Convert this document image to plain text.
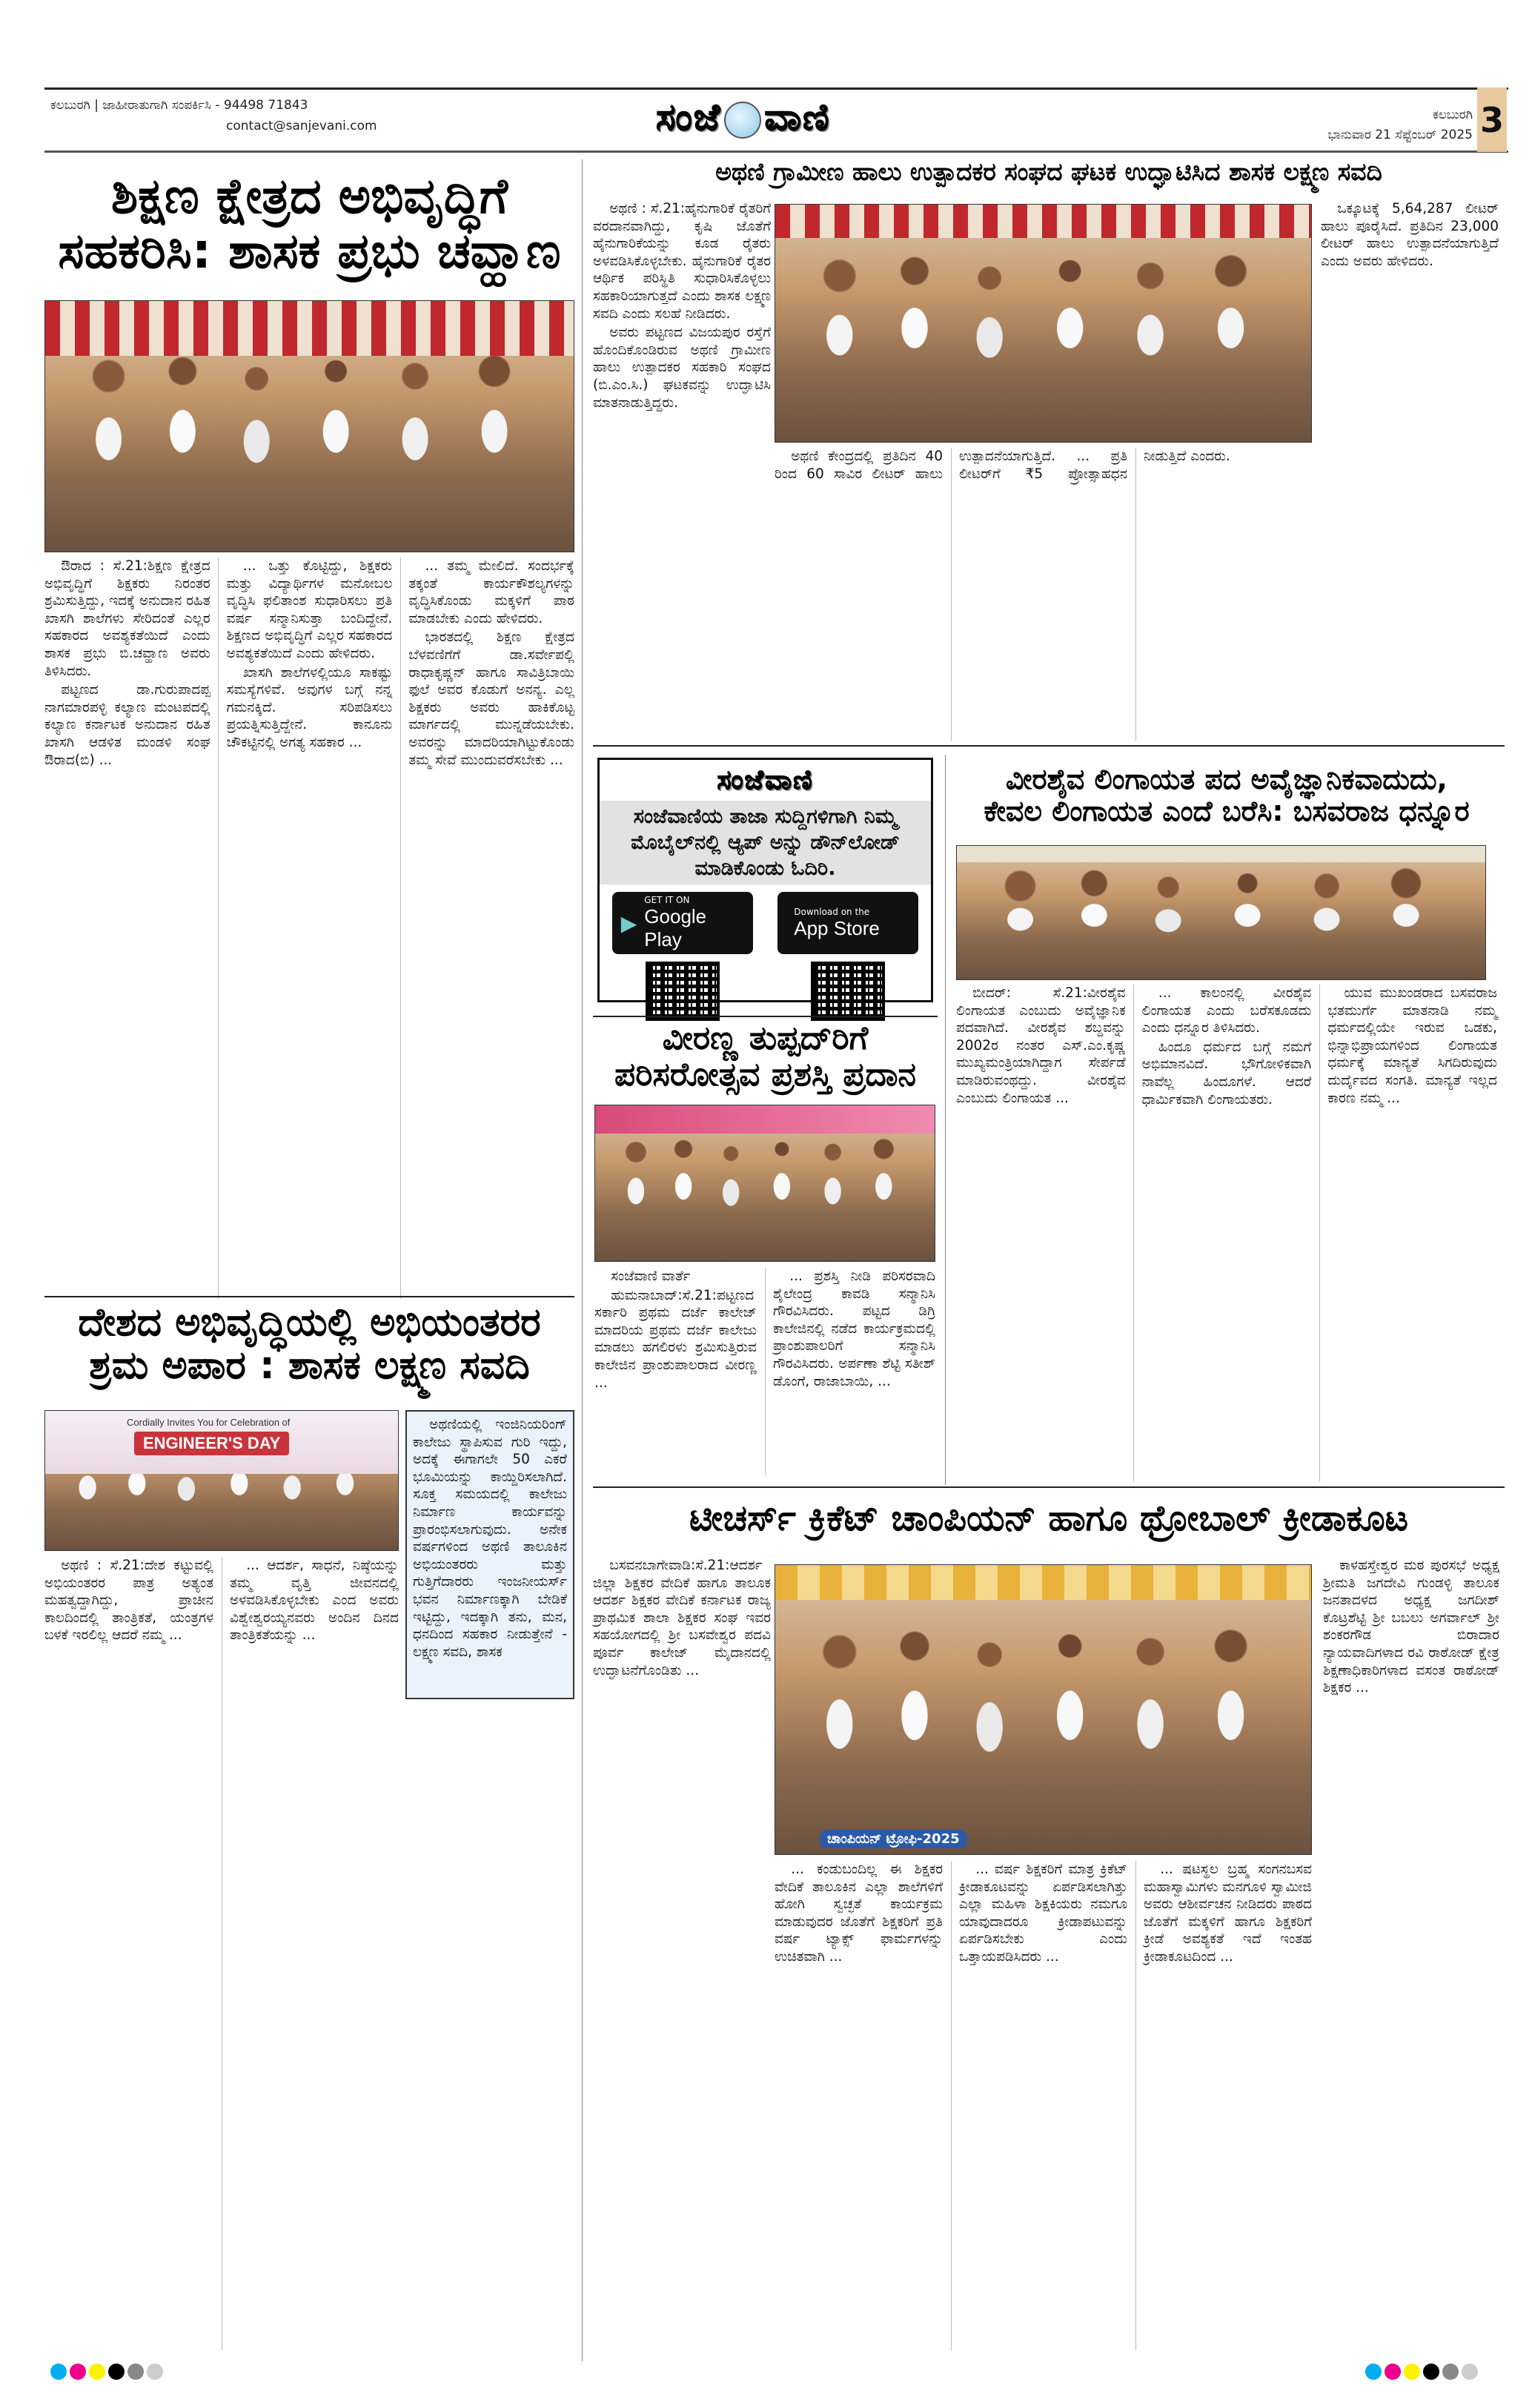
ಕಲಬುರಗಿ | ಜಾಹೀರಾತುಗಾಗಿ ಸಂಪರ್ಕಿಸಿ - 94498 71843
contact@sanjevani.com	ಸಂಜೆ ವಾಣಿ	ಕಲಬುರಗಿ
ಭಾನುವಾರ 21 ಸೆಪ್ಟೆಂಬರ್ 2025 3
ಶಿಕ್ಷಣ ಕ್ಷೇತ್ರದ ಅಭಿವೃದ್ಧಿಗೆ
ಸಹಕರಿಸಿ: ಶಾಸಕ ಪ್ರಭು ಚವ್ಹಾಣ

ಔರಾದ : ಸೆ.21:ಶಿಕ್ಷಣ ಕ್ಷೇತ್ರದ ಅಭಿವೃದ್ಧಿಗೆ ಶಿಕ್ಷಕರು ನಿರಂತರ ಶ್ರಮಿಸುತ್ತಿದ್ದು, ಇದಕ್ಕೆ ಅನುದಾನ ರಹಿತ ಖಾಸಗಿ ಶಾಲೆಗಳು ಸೇರಿದಂತೆ ಎಲ್ಲರ ಸಹಕಾರದ ಅವಶ್ಯಕತೆಯಿದೆ ಎಂದು ಶಾಸಕ ಪ್ರಭು ಬಿ.ಚವ್ಹಾಣ ಅವರು ತಿಳಿಸಿದರು.

ಪಟ್ಟಣದ ಡಾ.ಗುರುಪಾದಪ್ಪ ನಾಗಮಾರಪಳ್ಳಿ ಕಲ್ಯಾಣ ಮಂಟಪದಲ್ಲಿ ಕಲ್ಯಾಣ ಕರ್ನಾಟಕ ಅನುದಾನ ರಹಿತ ಖಾಸಗಿ ಆಡಳಿತ ಮಂಡಳಿ ಸಂಘ ಔರಾದ(ಬಿ) ...

... ಒತ್ತು ಕೊಟ್ಟಿದ್ದು, ಶಿಕ್ಷಕರು ಮತ್ತು ವಿದ್ಯಾರ್ಥಿಗಳ ಮನೋಬಲ ವೃದ್ಧಿಸಿ ಫಲಿತಾಂಶ ಸುಧಾರಿಸಲು ಪ್ರತಿ ವರ್ಷ ಸನ್ಮಾನಿಸುತ್ತಾ ಬಂದಿದ್ದೇನೆ. ಶಿಕ್ಷಣದ ಅಭಿವೃದ್ಧಿಗೆ ಎಲ್ಲರ ಸಹಕಾರದ ಅವಶ್ಯಕತೆಯಿದೆ ಎಂದು ಹೇಳಿದರು.

ಖಾಸಗಿ ಶಾಲೆಗಳಲ್ಲಿಯೂ ಸಾಕಷ್ಟು ಸಮಸ್ಯೆಗಳಿವೆ. ಅವುಗಳ ಬಗ್ಗೆ ನನ್ನ ಗಮನಕ್ಕಿದೆ. ಸರಿಪಡಿಸಲು ಪ್ರಯತ್ನಿಸುತ್ತಿದ್ದೇನೆ. ಕಾನೂನು ಚೌಕಟ್ಟಿನಲ್ಲಿ ಅಗತ್ಯ ಸಹಕಾರ ...

... ತಮ್ಮ ಮೇಲಿದೆ. ಸಂದರ್ಭಕ್ಕೆ ತಕ್ಕಂತೆ ಕಾರ್ಯಕೌಶಲ್ಯಗಳನ್ನು ವೃದ್ಧಿಸಿಕೊಂಡು ಮಕ್ಕಳಿಗೆ ಪಾಠ ಮಾಡಬೇಕು ಎಂದು ಹೇಳಿದರು.

ಭಾರತದಲ್ಲಿ ಶಿಕ್ಷಣ ಕ್ಷೇತ್ರದ ಬೆಳವಣಿಗೆಗೆ ಡಾ.ಸರ್ವೇಪಲ್ಲಿ ರಾಧಾಕೃಷ್ಣನ್ ಹಾಗೂ ಸಾವಿತ್ರಿಬಾಯಿ ಫುಲೆ ಅವರ ಕೊಡುಗೆ ಅನನ್ಯ. ಎಲ್ಲ ಶಿಕ್ಷಕರು ಅವರು ಹಾಕಿಕೊಟ್ಟ ಮಾರ್ಗದಲ್ಲಿ ಮುನ್ನಡೆಯಬೇಕು. ಅವರನ್ನು ಮಾದರಿಯಾಗಿಟ್ಟುಕೊಂಡು ತಮ್ಮ ಸೇವೆ ಮುಂದುವರೆಸಬೇಕು ...

ದೇಶದ ಅಭಿವೃದ್ಧಿಯಲ್ಲಿ ಅಭಿಯಂತರರ
ಶ್ರಮ ಅಪಾರ : ಶಾಸಕ ಲಕ್ಷ್ಮಣ ಸವದಿ
Cordially Invites You for Celebration of
ENGINEER'S DAY

ಅಥಣಿಯಲ್ಲಿ ಇಂಜಿನಿಯರಿಂಗ್ ಕಾಲೇಜು ಸ್ಥಾಪಿಸುವ ಗುರಿ ಇದ್ದು, ಅದಕ್ಕೆ ಈಗಾಗಲೇ 50 ಎಕರೆ ಭೂಮಿಯನ್ನು ಕಾಯ್ದಿರಿಸಲಾಗಿದೆ. ಸೂಕ್ತ ಸಮಯದಲ್ಲಿ ಕಾಲೇಜು ನಿರ್ಮಾಣ ಕಾರ್ಯವನ್ನು ಪ್ರಾರಂಭಿಸಲಾಗುವುದು. ಅನೇಕ ವರ್ಷಗಳಿಂದ ಅಥಣಿ ತಾಲೂಕಿನ ಅಭಿಯಂತರರು ಮತ್ತು ಗುತ್ತಿಗೆದಾರರು ಇಂಜನೀಯರ್ಸ್ ಭವನ ನಿರ್ಮಾಣಕ್ಕಾಗಿ ಬೇಡಿಕೆ ಇಟ್ಟಿದ್ದು, ಇದಕ್ಕಾಗಿ ತನು, ಮನ, ಧನದಿಂದ ಸಹಕಾರ ನೀಡುತ್ತೇನೆ - ಲಕ್ಷ್ಮಣ ಸವದಿ, ಶಾಸಕ

ಅಥಣಿ : ಸೆ.21:ದೇಶ ಕಟ್ಟುವಲ್ಲಿ ಅಭಿಯಂತರರ ಪಾತ್ರ ಅತ್ಯಂತ ಮಹತ್ವದ್ದಾಗಿದ್ದು, ಪ್ರಾಚೀನ ಕಾಲದಿಂದಲ್ಲಿ ತಾಂತ್ರಿಕತೆ, ಯಂತ್ರಗಳ ಬಳಕೆ ಇರಲಿಲ್ಲ ಆದರೆ ನಮ್ಮ ...

... ಆದರ್ಶ, ಸಾಧನೆ, ನಿಷ್ಠೆಯನ್ನು ತಮ್ಮ ವೃತ್ತಿ ಜೀವನದಲ್ಲಿ ಅಳವಡಿಸಿಕೊಳ್ಳಬೇಕು ಎಂದ ಅವರು ವಿಶ್ವೇಶ್ವರಯ್ಯನವರು ಅಂದಿನ ದಿನದ ತಾಂತ್ರಿಕತೆಯನ್ನು ...

ಅಥಣಿ ಗ್ರಾಮೀಣ ಹಾಲು ಉತ್ಪಾದಕರ ಸಂಘದ ಘಟಕ ಉದ್ಘಾಟಿಸಿದ ಶಾಸಕ ಲಕ್ಷ್ಮಣ ಸವದಿ

ಅಥಣಿ : ಸೆ.21:ಹೈನುಗಾರಿಕೆ ರೈತರಿಗೆ ವರದಾನವಾಗಿದ್ದು, ಕೃಷಿ ಜೊತೆಗೆ ಹೈನುಗಾರಿಕೆಯನ್ನು ಕೂಡ ರೈತರು ಅಳವಡಿಸಿಕೊಳ್ಳಬೇಕು. ಹೈನುಗಾರಿಕೆ ರೈತರ ಆರ್ಥಿಕ ಪರಿಸ್ಥಿತಿ ಸುಧಾರಿಸಿಕೊಳ್ಳಲು ಸಹಕಾರಿಯಾಗುತ್ತದೆ ಎಂದು ಶಾಸಕ ಲಕ್ಷ್ಮಣ ಸವದಿ ಎಂದು ಸಲಹೆ ನೀಡಿದರು.

ಅವರು ಪಟ್ಟಣದ ವಿಜಯಪುರ ರಸ್ತೆಗೆ ಹೊಂದಿಕೊಂಡಿರುವ ಅಥಣಿ ಗ್ರಾಮೀಣ ಹಾಲು ಉತ್ಪಾದಕರ ಸಹಕಾರಿ ಸಂಘದ (ಬಿ.ಎಂ.ಸಿ.) ಘಟಕವನ್ನು ಉದ್ಘಾಟಿಸಿ ಮಾತನಾಡುತ್ತಿದ್ದರು.

ಅಥಣಿ ಕೇಂದ್ರದಲ್ಲಿ ಪ್ರತಿದಿನ 40 ರಿಂದ 60 ಸಾವಿರ ಲೀಟರ್ ಹಾಲು ಉತ್ಪಾದನೆಯಾಗುತ್ತಿದೆ. ... ಪ್ರತಿ ಲೀಟರ್‌ಗೆ ₹5 ಪ್ರೋತ್ಸಾಹಧನ ನೀಡುತ್ತಿದೆ ಎಂದರು.

ಒಕ್ಕೂಟಕ್ಕೆ 5,64,287 ಲೀಟರ್ ಹಾಲು ಪೂರೈಸಿದೆ. ಪ್ರತಿದಿನ 23,000 ಲೀಟರ್ ಹಾಲು ಉತ್ಪಾದನೆಯಾಗುತ್ತಿದೆ ಎಂದು ಅವರು ಹೇಳಿದರು.

ಸಂಜೆವಾಣಿ
ಸಂಜೆವಾಣಿಯ ತಾಜಾ ಸುದ್ದಿಗಳಿಗಾಗಿ ನಿಮ್ಮ ಮೊಬೈಲ್‌ನಲ್ಲಿ ಆ್ಯಪ್ ಅನ್ನು ಡೌನ್‌ಲೋಡ್ ಮಾಡಿಕೊಂಡು ಓದಿರಿ.
▶
GET IT ON
Google Play
Download on the
App Store
ವೀರಣ್ಣ ತುಪ್ಪದ್‌ರಿಗೆ
ಪರಿಸರೋತ್ಸವ ಪ್ರಶಸ್ತಿ ಪ್ರದಾನ

ಸಂಜೆವಾಣಿ ವಾರ್ತೆ

ಹುಮನಾಬಾದ್:ಸೆ.21:ಪಟ್ಟಣದ ಸರ್ಕಾರಿ ಪ್ರಥಮ ದರ್ಜೆ ಕಾಲೇಜ್ ಮಾದರಿಯ ಪ್ರಥಮ ದರ್ಜೆ ಕಾಲೇಜು ಮಾಡಲು ಹಗಲಿರಳು ಶ್ರಮಿಸುತ್ತಿರುವ ಕಾಲೇಜಿನ ಪ್ರಾಂಶುಪಾಲರಾದ ವೀರಣ್ಣ ...

... ಪ್ರಶಸ್ತಿ ನೀಡಿ ಪರಿಸರವಾದಿ ಶೈಲೇಂದ್ರ ಕಾವಡಿ ಸನ್ಮಾನಿಸಿ ಗೌರವಿಸಿದರು. ಪಟ್ಟದ ಡಿಗ್ರಿ ಕಾಲೇಜಿನಲ್ಲಿ ನಡೆದ ಕಾರ್ಯಕ್ರಮದಲ್ಲಿ ಪ್ರಾಂಶುಪಾಲರಿಗೆ ಸನ್ಮಾನಿಸಿ ಗೌರವಿಸಿದರು. ಅರ್ಪಣಾ ಶೆಟ್ಟಿ ಸತೀಶ್ ಡೊಂಗೆ, ರಾಜಾಬಾಯಿ, ...

ವೀರಶೈವ ಲಿಂಗಾಯತ ಪದ ಅವೈಜ್ಞಾನಿಕವಾದುದು,
ಕೇವಲ ಲಿಂಗಾಯತ ಎಂದೆ ಬರೆಸಿ: ಬಸವರಾಜ ಧನ್ನೂರ

ಬೀದರ್: ಸೆ.21:ವೀರಶೈವ ಲಿಂಗಾಯತ ಎಂಬುದು ಅವೈಜ್ಞಾನಿಕ ಪದವಾಗಿದೆ. ವೀರಶೈವ ಶಬ್ದವನ್ನು 2002ರ ನಂತರ ಎಸ್.ಎಂ.ಕೃಷ್ಣ ಮುಖ್ಯಮಂತ್ರಿಯಾಗಿದ್ದಾಗ ಸೇರ್ಪಡೆ ಮಾಡಿರುವಂಥದ್ದು. ವೀರಶೈವ ಎಂಬುದು ಲಿಂಗಾಯತ ...

... ಕಾಲಂನಲ್ಲಿ ವೀರಶೈವ ಲಿಂಗಾಯತ ಎಂದು ಬರೆಸಕೂಡದು ಎಂದು ಧನ್ನೂರ ತಿಳಿಸಿದರು.

ಹಿಂದೂ ಧರ್ಮದ ಬಗ್ಗೆ ನಮಗೆ ಅಭಿಮಾನವಿದೆ. ಭೌಗೋಳಿಕವಾಗಿ ನಾವೆಲ್ಲ ಹಿಂದೂಗಳೆ. ಆದರೆ ಧಾರ್ಮಿಕವಾಗಿ ಲಿಂಗಾಯತರು.

ಯುವ ಮುಖಂಡರಾದ ಬಸವರಾಜ ಭತಮುರ್ಗೆ ಮಾತನಾಡಿ ನಮ್ಮ ಧರ್ಮದಲ್ಲಿಯೇ ಇರುವ ಒಡಕು, ಭಿನ್ನಾಭಿಪ್ರಾಯಗಳಿಂದ ಲಿಂಗಾಯತ ಧರ್ಮಕ್ಕೆ ಮಾನ್ಯತೆ ಸಿಗದಿರುವುದು ದುರ್ದೈವದ ಸಂಗತಿ. ಮಾನ್ಯತೆ ಇಲ್ಲದ ಕಾರಣ ನಮ್ಮ ...

ಟೀಚರ್ಸ್ ಕ್ರಿಕೆಟ್ ಚಾಂಪಿಯನ್ ಹಾಗೂ ಥ್ರೋಬಾಲ್ ಕ್ರೀಡಾಕೂಟ
ಚಾಂಪಿಯನ್ ಟ್ರೋಫಿ-2025

ಬಸವನಬಾಗೇವಾಡಿ:ಸೆ.21:ಆದರ್ಶ ಜಿಲ್ಲಾ ಶಿಕ್ಷಕರ ವೇದಿಕೆ ಹಾಗೂ ತಾಲೂಕ ಆದರ್ಶ ಶಿಕ್ಷಕರ ವೇದಿಕೆ ಕರ್ನಾಟಕ ರಾಜ್ಯ ಪ್ರಾಥಮಿಕ ಶಾಲಾ ಶಿಕ್ಷಕರ ಸಂಘ ಇವರ ಸಹಯೋಗದಲ್ಲಿ ಶ್ರೀ ಬಸವೇಶ್ವರ ಪದವಿ ಪೂರ್ವ ಕಾಲೇಜ್ ಮೈದಾನದಲ್ಲಿ ಉದ್ಘಾಟನೆಗೊಂಡಿತು ...

... ಕಂಡುಬಂದಿಲ್ಲ ಈ ಶಿಕ್ಷಕರ ವೇದಿಕೆ ತಾಲೂಕಿನ ಎಲ್ಲಾ ಶಾಲೆಗಳಿಗೆ ಹೋಗಿ ಸ್ವಚ್ಛತೆ ಕಾರ್ಯಕ್ರಮ ಮಾಡುವುದರ ಜೊತೆಗೆ ಶಿಕ್ಷಕರಿಗೆ ಪ್ರತಿ ವರ್ಷ ಟ್ಯಾಕ್ಸ್ ಫಾರ್ಮಗಳನ್ನು ಉಚಿತವಾಗಿ ...

... ವರ್ಷ ಶಿಕ್ಷಕರಿಗೆ ಮಾತ್ರ ಕ್ರಿಕೆಟ್ ಕ್ರೀಡಾಕೂಟವನ್ನು ಏರ್ಪಡಿಸಲಾಗಿತ್ತು ಎಲ್ಲಾ ಮಹಿಳಾ ಶಿಕ್ಷಕಿಯರು ನಮಗೂ ಯಾವುದಾದರೂ ಕ್ರೀಡಾಪಟುವನ್ನು ಏರ್ಪಡಿಸಬೇಕು ಎಂದು ಒತ್ತಾಯಪಡಿಸಿದರು ...

... ಷಟಸ್ಥಲ ಬ್ರಹ್ಮ ಸಂಗನಬಸವ ಮಹಾಸ್ವಾಮಿಗಳು ಮನಗೂಳಿ ಸ್ವಾಮೀಜಿ ಅವರು ಆಶೀರ್ವಚನ ನೀಡಿದರು ಪಾಠದ ಜೊತೆಗೆ ಮಕ್ಕಳಿಗೆ ಹಾಗೂ ಶಿಕ್ಷಕರಿಗೆ ಕ್ರೀಡೆ ಅವಶ್ಯಕತೆ ಇದೆ ಇಂತಹ ಕ್ರೀಡಾಕೂಟದಿಂದ ...

ಕಾಳಹಸ್ತೇಶ್ವರ ಮಠ ಪುರಸಭೆ ಅಧ್ಯಕ್ಷ ಶ್ರೀಮತಿ ಜಗದೇವಿ ಗುಂಡಳ್ಳಿ ತಾಲೂಕ ಜನತಾದಳದ ಅಧ್ಯಕ್ಷ ಜಗದೀಶ್ ಕೊಟ್ರಶೆಟ್ಟಿ ಶ್ರೀ ಬಬಲು ಅಗರ್ವಾಲ್ ಶ್ರೀ ಶಂಕರಗೌಡ ಬಿರಾದಾರ ನ್ಯಾಯವಾದಿಗಳಾದ ರವಿ ರಾಠೋಡ್ ಕ್ಷೇತ್ರ ಶಿಕ್ಷಣಾಧಿಕಾರಿಗಳಾದ ವಸಂತ ರಾಠೋಡ್ ಶಿಕ್ಷಕರ ...
